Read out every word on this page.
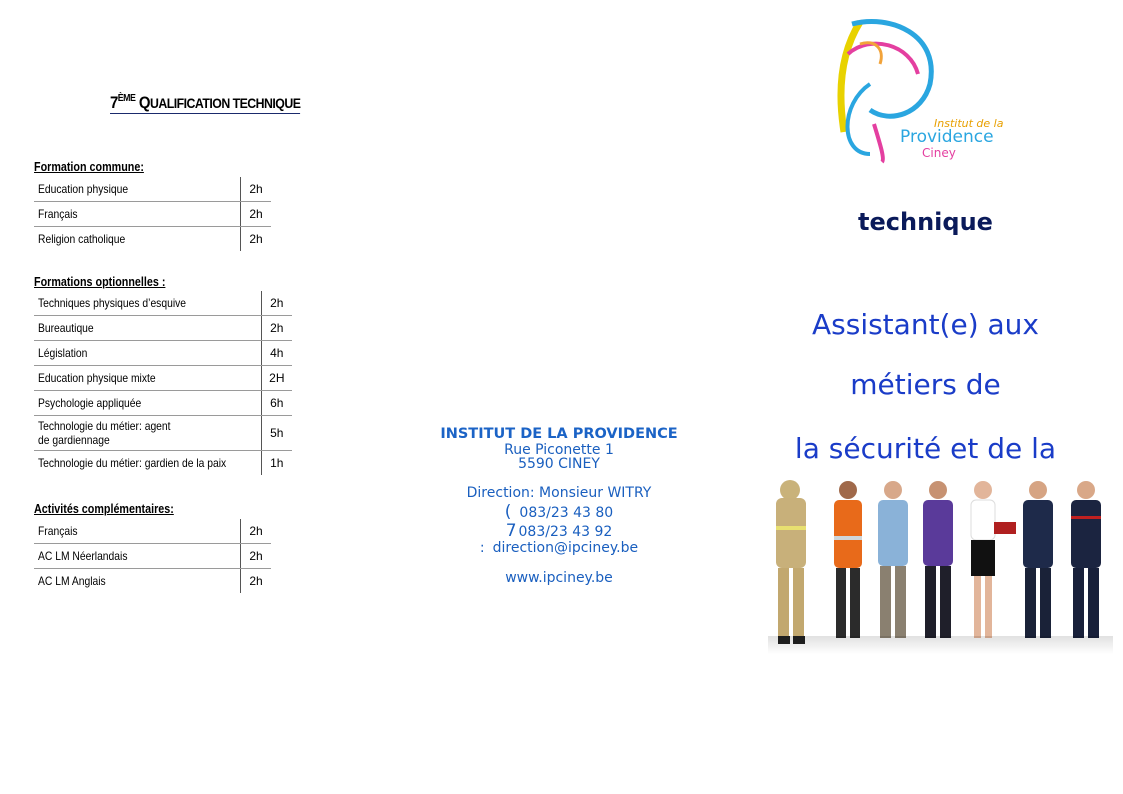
7ÈME QUALIFICATION TECHNIQUE
Formation commune:
Education physique	2h
Français	2h
Religion catholique	2h
Formations optionnelles :
Techniques physiques d’esquive	2h
Bureautique	2h
Législation	4h
Education physique mixte	2H
Psychologie appliquée	6h
Technologie du métier: agent de gardiennage	5h
Technologie du métier: gardien de la paix	1h
Activités complémentaires:
Français	2h
AC LM Néerlandais	2h
AC LM Anglais	2h
INSTITUT DE LA PROVIDENCE
Rue Piconette 1
5590 CINEY
Direction: Monsieur WITRY
( 083/23 43 80
7 083/23 43 92
: direction@ipciney.be
www.ipciney.be
Institut de la
Providence
Ciney
technique
Assistant(e) aux
métiers de
la sécurité et de la
